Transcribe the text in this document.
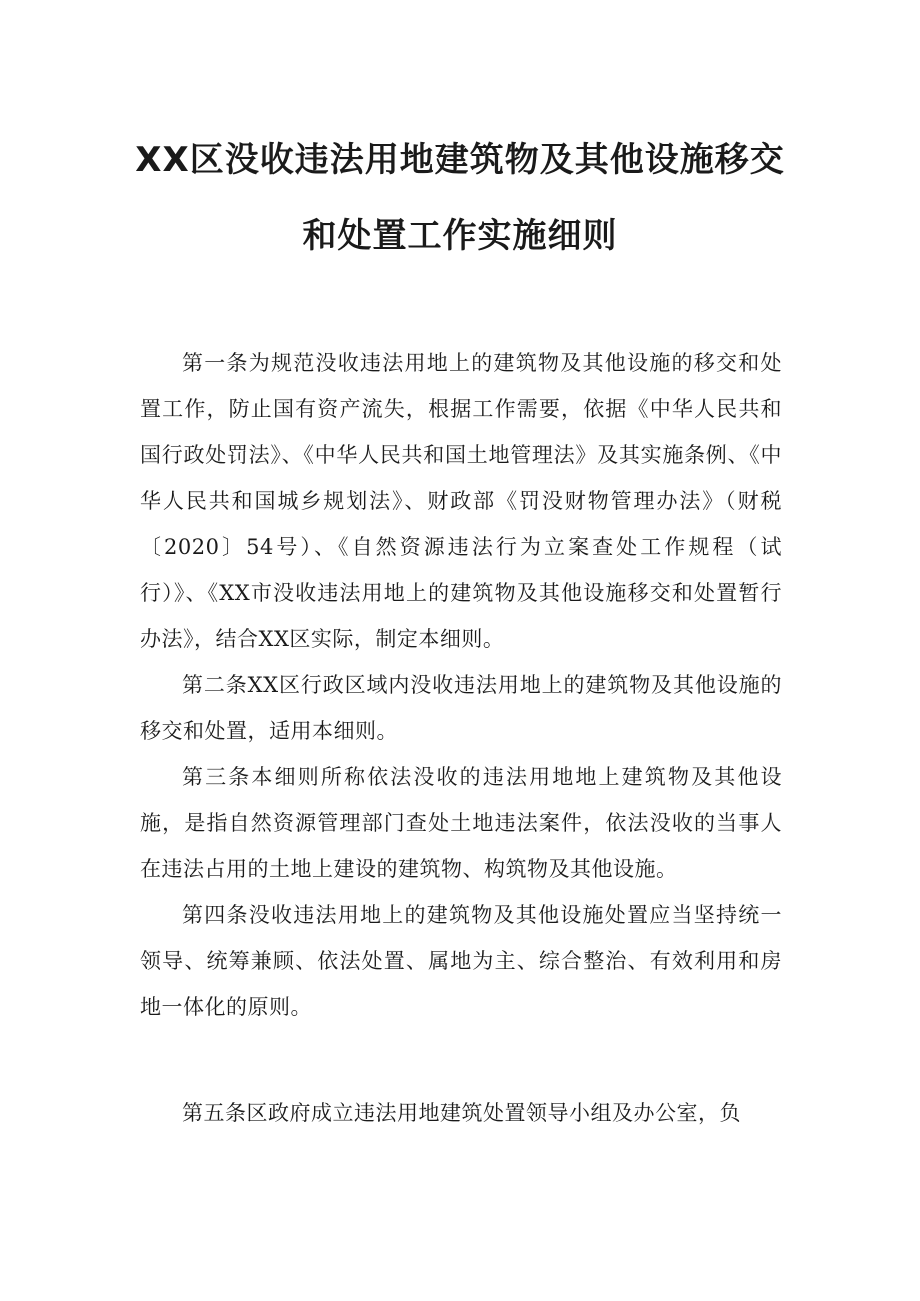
XX区没收违法用地建筑物及其他设施移交
和处置工作实施细则

第一条为规范没收违法用地上的建筑物及其他设施的移交和处置工作，防止国有资产流失，根据工作需要，依据《中华人民共和国行政处罚法》、《中华人民共和国土地管理法》及其实施条例、《中华人民共和国城乡规划法》、财政部《罚没财物管理办法》（财税〔2020〕54号）、《自然资源违法行为立案查处工作规程（试行）》、《XX市没收违法用地上的建筑物及其他设施移交和处置暂行办法》，结合XX区实际，制定本细则。

第二条XX区行政区域内没收违法用地上的建筑物及其他设施的移交和处置，适用本细则。

第三条本细则所称依法没收的违法用地地上建筑物及其他设施，是指自然资源管理部门查处土地违法案件，依法没收的当事人在违法占用的土地上建设的建筑物、构筑物及其他设施。

第四条没收违法用地上的建筑物及其他设施处置应当坚持统一领导、统筹兼顾、依法处置、属地为主、综合整治、有效利用和房地一体化的原则。

第五条区政府成立违法用地建筑处置领导小组及办公室，负
